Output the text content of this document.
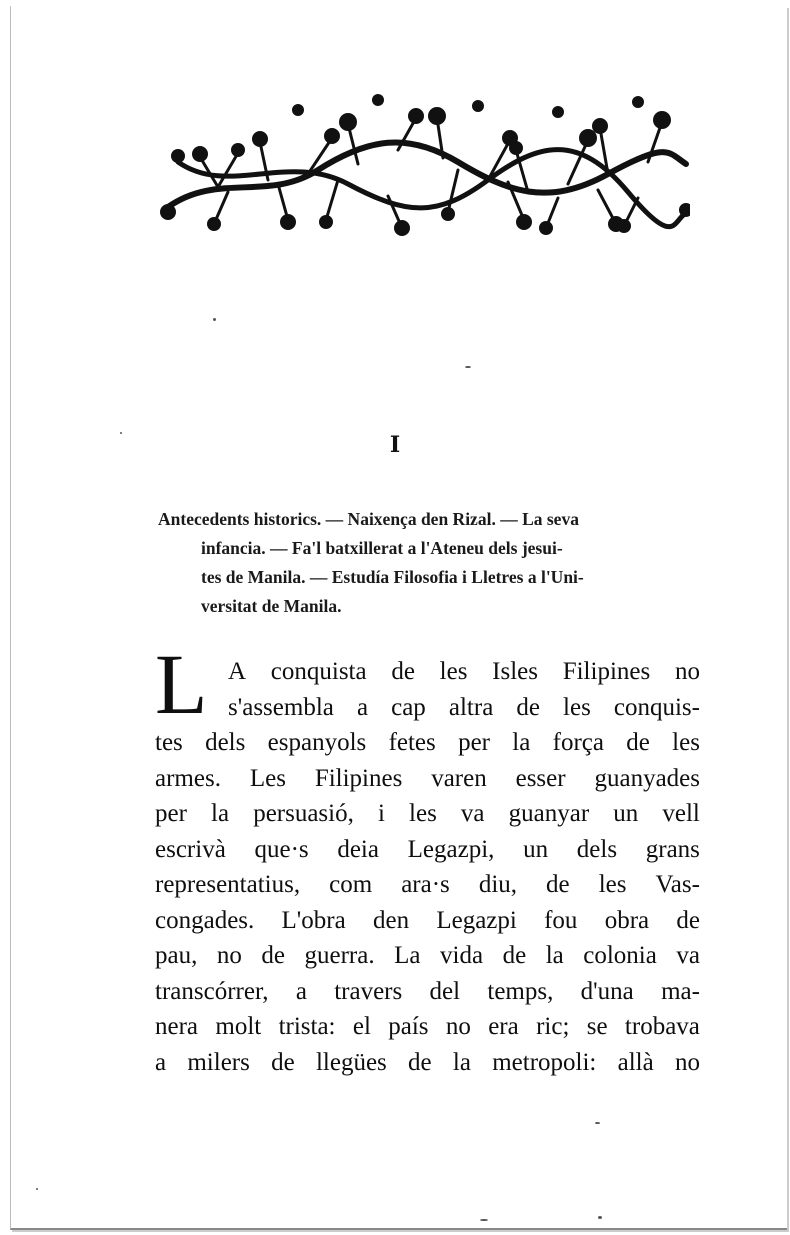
I
Antecedents historics. — Naixença den Rizal. — La seva
infancia. — Fa'l batxillerat a l'Ateneu dels jesui-
tes de Manila. — Estudía Filosofia i Lletres a l'Uni-
versitat de Manila.
L A conquista de les Isles Filipines no
s'assembla a cap altra de les conquis-
tes dels espanyols fetes per la força de les
armes. Les Filipines varen esser guanyades
per la persuasió, i les va guanyar un vell
escrivà que·s deia Legazpi, un dels grans
representatius, com ara·s diu, de les Vas-
congades. L'obra den Legazpi fou obra de
pau, no de guerra. La vida de la colonia va
transcórrer, a travers del temps, d'una ma-
nera molt trista: el país no era ric; se trobava
a milers de llegües de la metropoli: allà no
